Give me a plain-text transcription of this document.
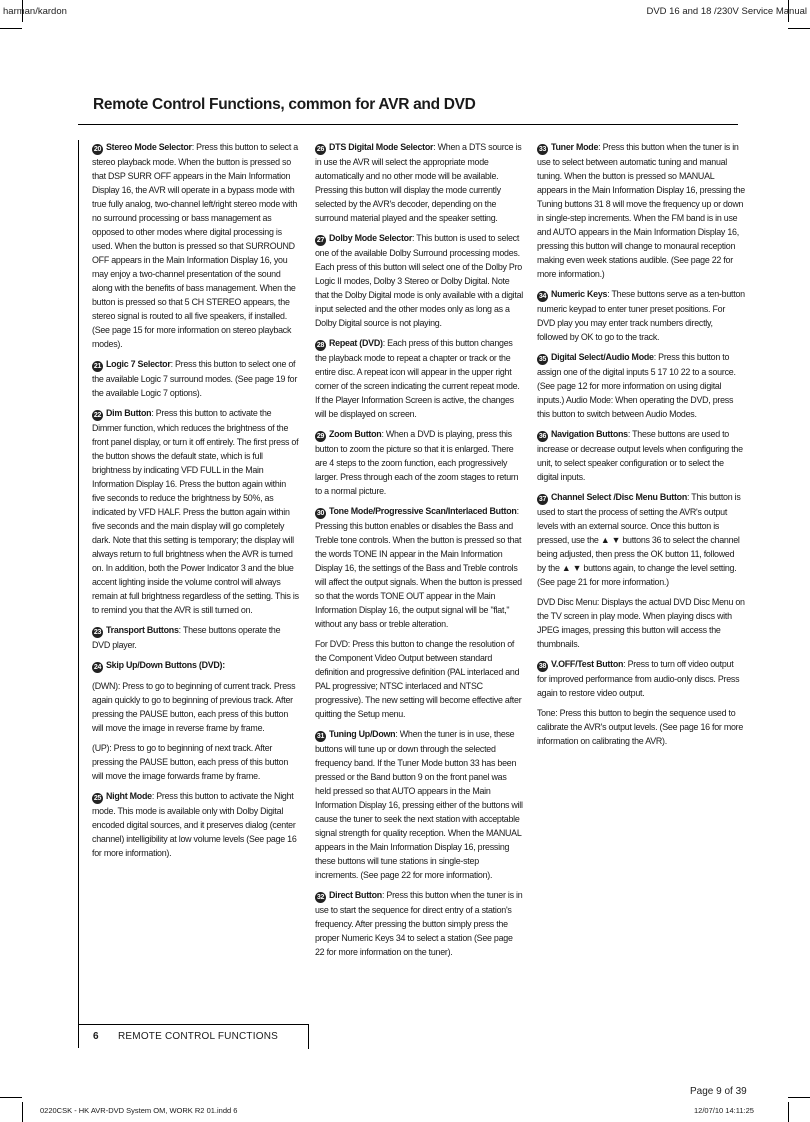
harman/kardon	DVD 16 and 18 /230V Service Manual
Remote Control Functions, common for AVR and DVD

20 Stereo Mode Selector: Press this button to select a stereo playback mode. When the button is pressed so that DSP SURR OFF appears in the Main Information Display 16, the AVR will operate in a bypass mode with true fully analog, two-channel left/right stereo mode with no surround processing or bass management as opposed to other modes where digital processing is used. When the button is pressed so that SURROUND OFF appears in the Main Information Display 16, you may enjoy a two-channel presentation of the sound along with the benefits of bass management. When the button is pressed so that 5 CH STEREO appears, the stereo signal is routed to all five speakers, if installed. (See page 15 for more information on stereo playback modes).

21 Logic 7 Selector: Press this button to select one of the available Logic 7 surround modes. (See page 19 for the available Logic 7 options).

22 Dim Button: Press this button to activate the Dimmer function, which reduces the brightness of the front panel display, or turn it off entirely. The first press of the button shows the default state, which is full brightness by indicating VFD FULL in the Main Information Display 16. Press the button again within five seconds to reduce the brightness by 50%, as indicated by VFD HALF. Press the button again within five seconds and the main display will go completely dark. Note that this setting is temporary; the display will always return to full brightness when the AVR is turned on. In addition, both the Power Indicator 3 and the blue accent lighting inside the volume control will always remain at full brightness regardless of the setting. This is to remind you that the AVR is still turned on.

23 Transport Buttons: These buttons operate the DVD player.

24 Skip Up/Down Buttons (DVD):

(DWN): Press to go to beginning of current track. Press again quickly to go to beginning of previous track. After pressing the PAUSE button, each press of this button will move the image in reverse frame by frame.

(UP): Press to go to beginning of next track. After pressing the PAUSE button, each press of this button will move the image forwards frame by frame.

25 Night Mode: Press this button to activate the Night mode. This mode is available only with Dolby Digital encoded digital sources, and it preserves dialog (center channel) intelligibility at low volume levels (See page 16 for more information).

26 DTS Digital Mode Selector: When a DTS source is in use the AVR will select the appropriate mode automatically and no other mode will be available. Pressing this button will display the mode currently selected by the AVR's decoder, depending on the surround material played and the speaker setting.

27 Dolby Mode Selector: This button is used to select one of the available Dolby Surround processing modes. Each press of this button will select one of the Dolby Pro Logic II modes, Dolby 3 Stereo or Dolby Digital. Note that the Dolby Digital mode is only available with a digital input selected and the other modes only as long as a Dolby Digital source is not playing.

28 Repeat (DVD): Each press of this button changes the playback mode to repeat a chapter or track or the entire disc. A repeat icon will appear in the upper right corner of the screen indicating the current repeat mode. If the Player Information Screen is active, the changes will be displayed on screen.

29 Zoom Button: When a DVD is playing, press this button to zoom the picture so that it is enlarged. There are 4 steps to the zoom function, each progressively larger. Press through each of the zoom stages to return to a normal picture.

30 Tone Mode/Progressive Scan/Interlaced Button: Pressing this button enables or disables the Bass and Treble tone controls. When the button is pressed so that the words TONE IN appear in the Main Information Display 16, the settings of the Bass and Treble controls will affect the output signals. When the button is pressed so that the words TONE OUT appear in the Main Information Display 16, the output signal will be "flat," without any bass or treble alteration.

For DVD: Press this button to change the resolution of the Component Video Output between standard definition and progressive definition (PAL interlaced and PAL progressive; NTSC interlaced and NTSC progressive). The new setting will become effective after quitting the Setup menu.

31 Tuning Up/Down: When the tuner is in use, these buttons will tune up or down through the selected frequency band. If the Tuner Mode button 33 has been pressed or the Band button 9 on the front panel was held pressed so that AUTO appears in the Main Information Display 16, pressing either of the buttons will cause the tuner to seek the next station with acceptable signal strength for quality reception. When the MANUAL appears in the Main Information Display 16, pressing these buttons will tune stations in single-step increments. (See page 22 for more information).

32 Direct Button: Press this button when the tuner is in use to start the sequence for direct entry of a station's frequency. After pressing the button simply press the proper Numeric Keys 34 to select a station (See page 22 for more information on the tuner).

33 Tuner Mode: Press this button when the tuner is in use to select between automatic tuning and manual tuning. When the button is pressed so MANUAL appears in the Main Information Display 16, pressing the Tuning buttons 31 8 will move the frequency up or down in single-step increments. When the FM band is in use and AUTO appears in the Main Information Display 16, pressing this button will change to monaural reception making even week stations audible. (See page 22 for more information.)

34 Numeric Keys: These buttons serve as a ten-button numeric keypad to enter tuner preset positions. For DVD play you may enter track numbers directly, followed by OK to go to the track.

35 Digital Select/Audio Mode: Press this button to assign one of the digital inputs 5 17 10 22 to a source. (See page 12 for more information on using digital inputs.) Audio Mode: When operating the DVD, press this button to switch between Audio Modes.

36 Navigation Buttons: These buttons are used to increase or decrease output levels when configuring the unit, to select speaker configuration or to select the digital inputs.

37 Channel Select /Disc Menu Button: This button is used to start the process of setting the AVR's output levels with an external source. Once this button is pressed, use the ▲ ▼ buttons 36 to select the channel being adjusted, then press the OK button 11, followed by the ▲ ▼ buttons again, to change the level setting. (See page 21 for more information.)

DVD Disc Menu: Displays the actual DVD Disc Menu on the TV screen in play mode. When playing discs with JPEG images, pressing this button will access the thumbnails.

38 V.OFF/Test Button: Press to turn off video output for improved performance from audio-only discs. Press again to restore video output.

Tone: Press this button to begin the sequence used to calibrate the AVR's output levels. (See page 16 for more information on calibrating the AVR).

6 REMOTE CONTROL FUNCTIONS
Page 9 of 39
0220CSK - HK AVR-DVD System OM, WORK R2 01.indd 6	12/07/10 14:11:25
